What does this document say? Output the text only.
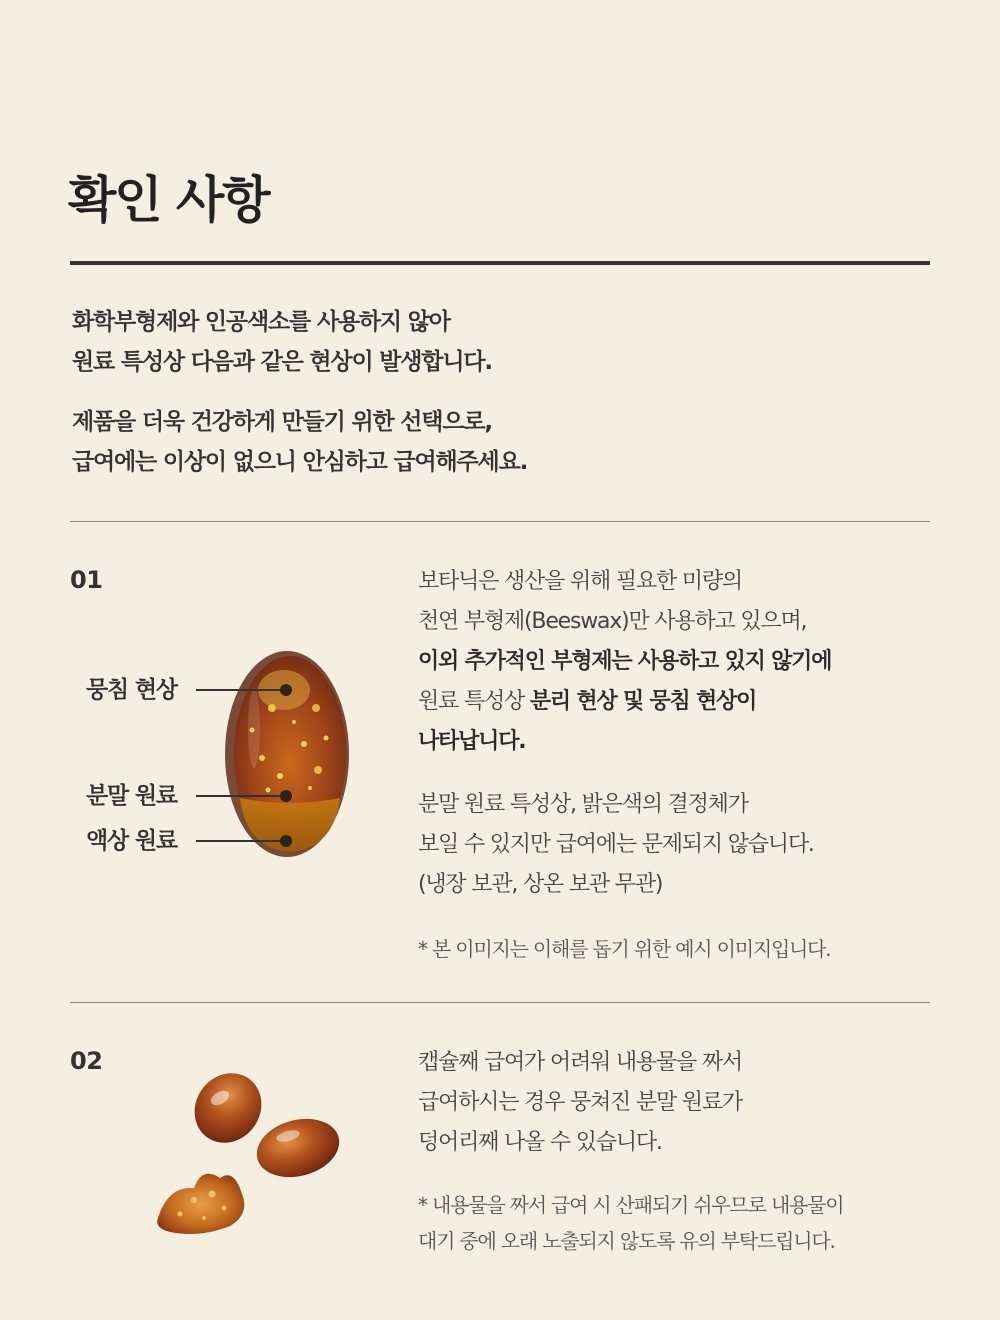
확인 사항

화학부형제와 인공색소를 사용하지 않아

원료 특성상 다음과 같은 현상이 발생합니다.

제품을 더욱 건강하게 만들기 위한 선택으로,

급여에는 이상이 없으니 안심하고 급여해주세요.

01
뭉침 현상
분말 원료
액상 원료

보타닉은 생산을 위해 필요한 미량의

천연 부형제(Beeswax)만 사용하고 있으며,

이외 추가적인 부형제는 사용하고 있지 않기에

원료 특성상 분리 현상 및 뭉침 현상이

나타납니다.

분말 원료 특성상, 밝은색의 결정체가

보일 수 있지만 급여에는 문제되지 않습니다.

(냉장 보관, 상온 보관 무관)

* 본 이미지는 이해를 돕기 위한 예시 이미지입니다.

02	캡슐째 급여가 어려워 내용물을 짜서

급여하시는 경우 뭉쳐진 분말 원료가

덩어리째 나올 수 있습니다.

* 내용물을 짜서 급여 시 산패되기 쉬우므로 내용물이

대기 중에 오래 노출되지 않도록 유의 부탁드립니다.
